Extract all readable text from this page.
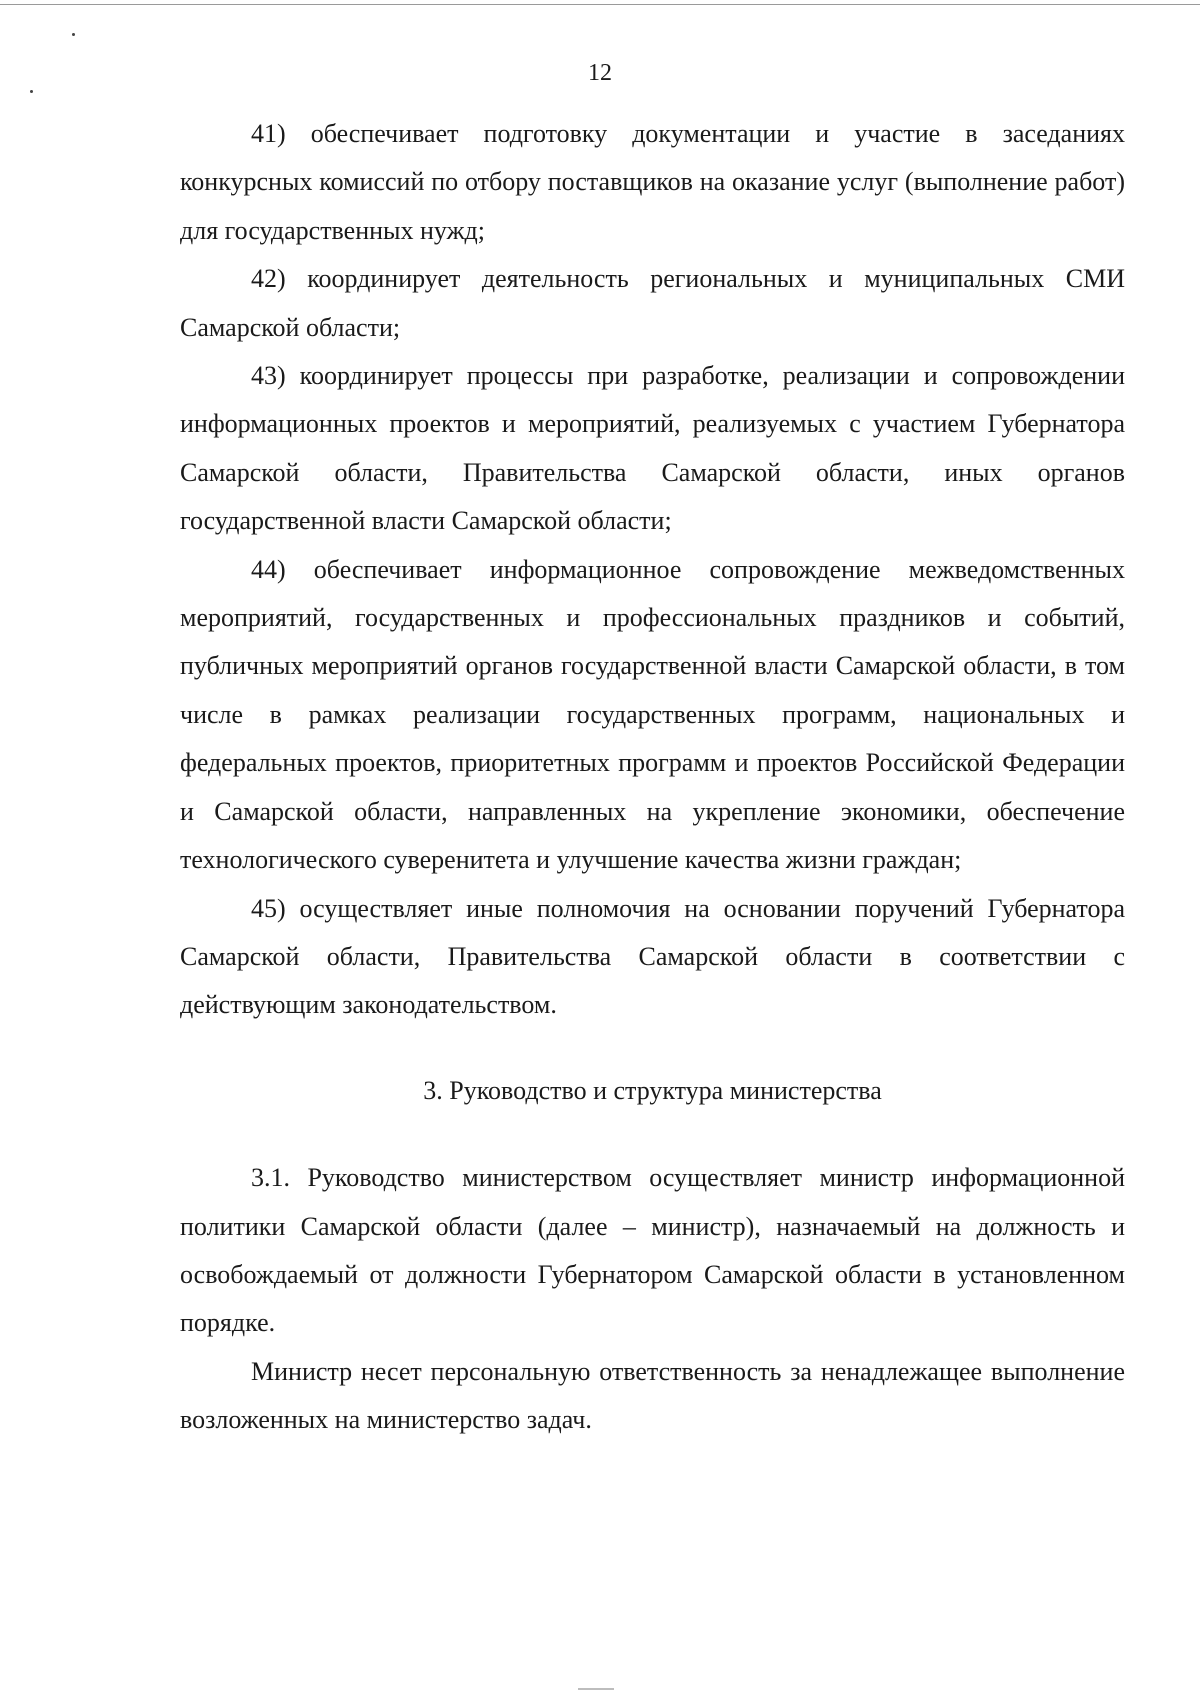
12

41) обеспечивает подготовку документации и участие в заседаниях конкурсных комиссий по отбору поставщиков на оказание услуг (выполнение работ) для государственных нужд;

42) координирует деятельность региональных и муниципальных СМИ Самарской области;

43) координирует процессы при разработке, реализации и сопровождении информационных проектов и мероприятий, реализуемых с участием Губернатора Самарской области, Правительства Самарской области, иных органов государственной власти Самарской области;

44) обеспечивает информационное сопровождение межведомственных мероприятий, государственных и профессиональных праздников и событий, публичных мероприятий органов государственной власти Самарской области, в том числе в рамках реализации государственных программ, национальных и федеральных проектов, приоритетных программ и проектов Российской Федерации и Самарской области, направленных на укрепление экономики, обеспечение технологического суверенитета и улучшение качества жизни граждан;

45) осуществляет иные полномочия на основании поручений Губернатора Самарской области, Правительства Самарской области в соответствии с действующим законодательством.

3. Руководство и структура министерства

3.1. Руководство министерством осуществляет министр информационной политики Самарской области (далее – министр), назначаемый на должность и освобождаемый от должности Губернатором Самарской области в установленном порядке.

Министр несет персональную ответственность за ненадлежащее выполнение возложенных на министерство задач.
